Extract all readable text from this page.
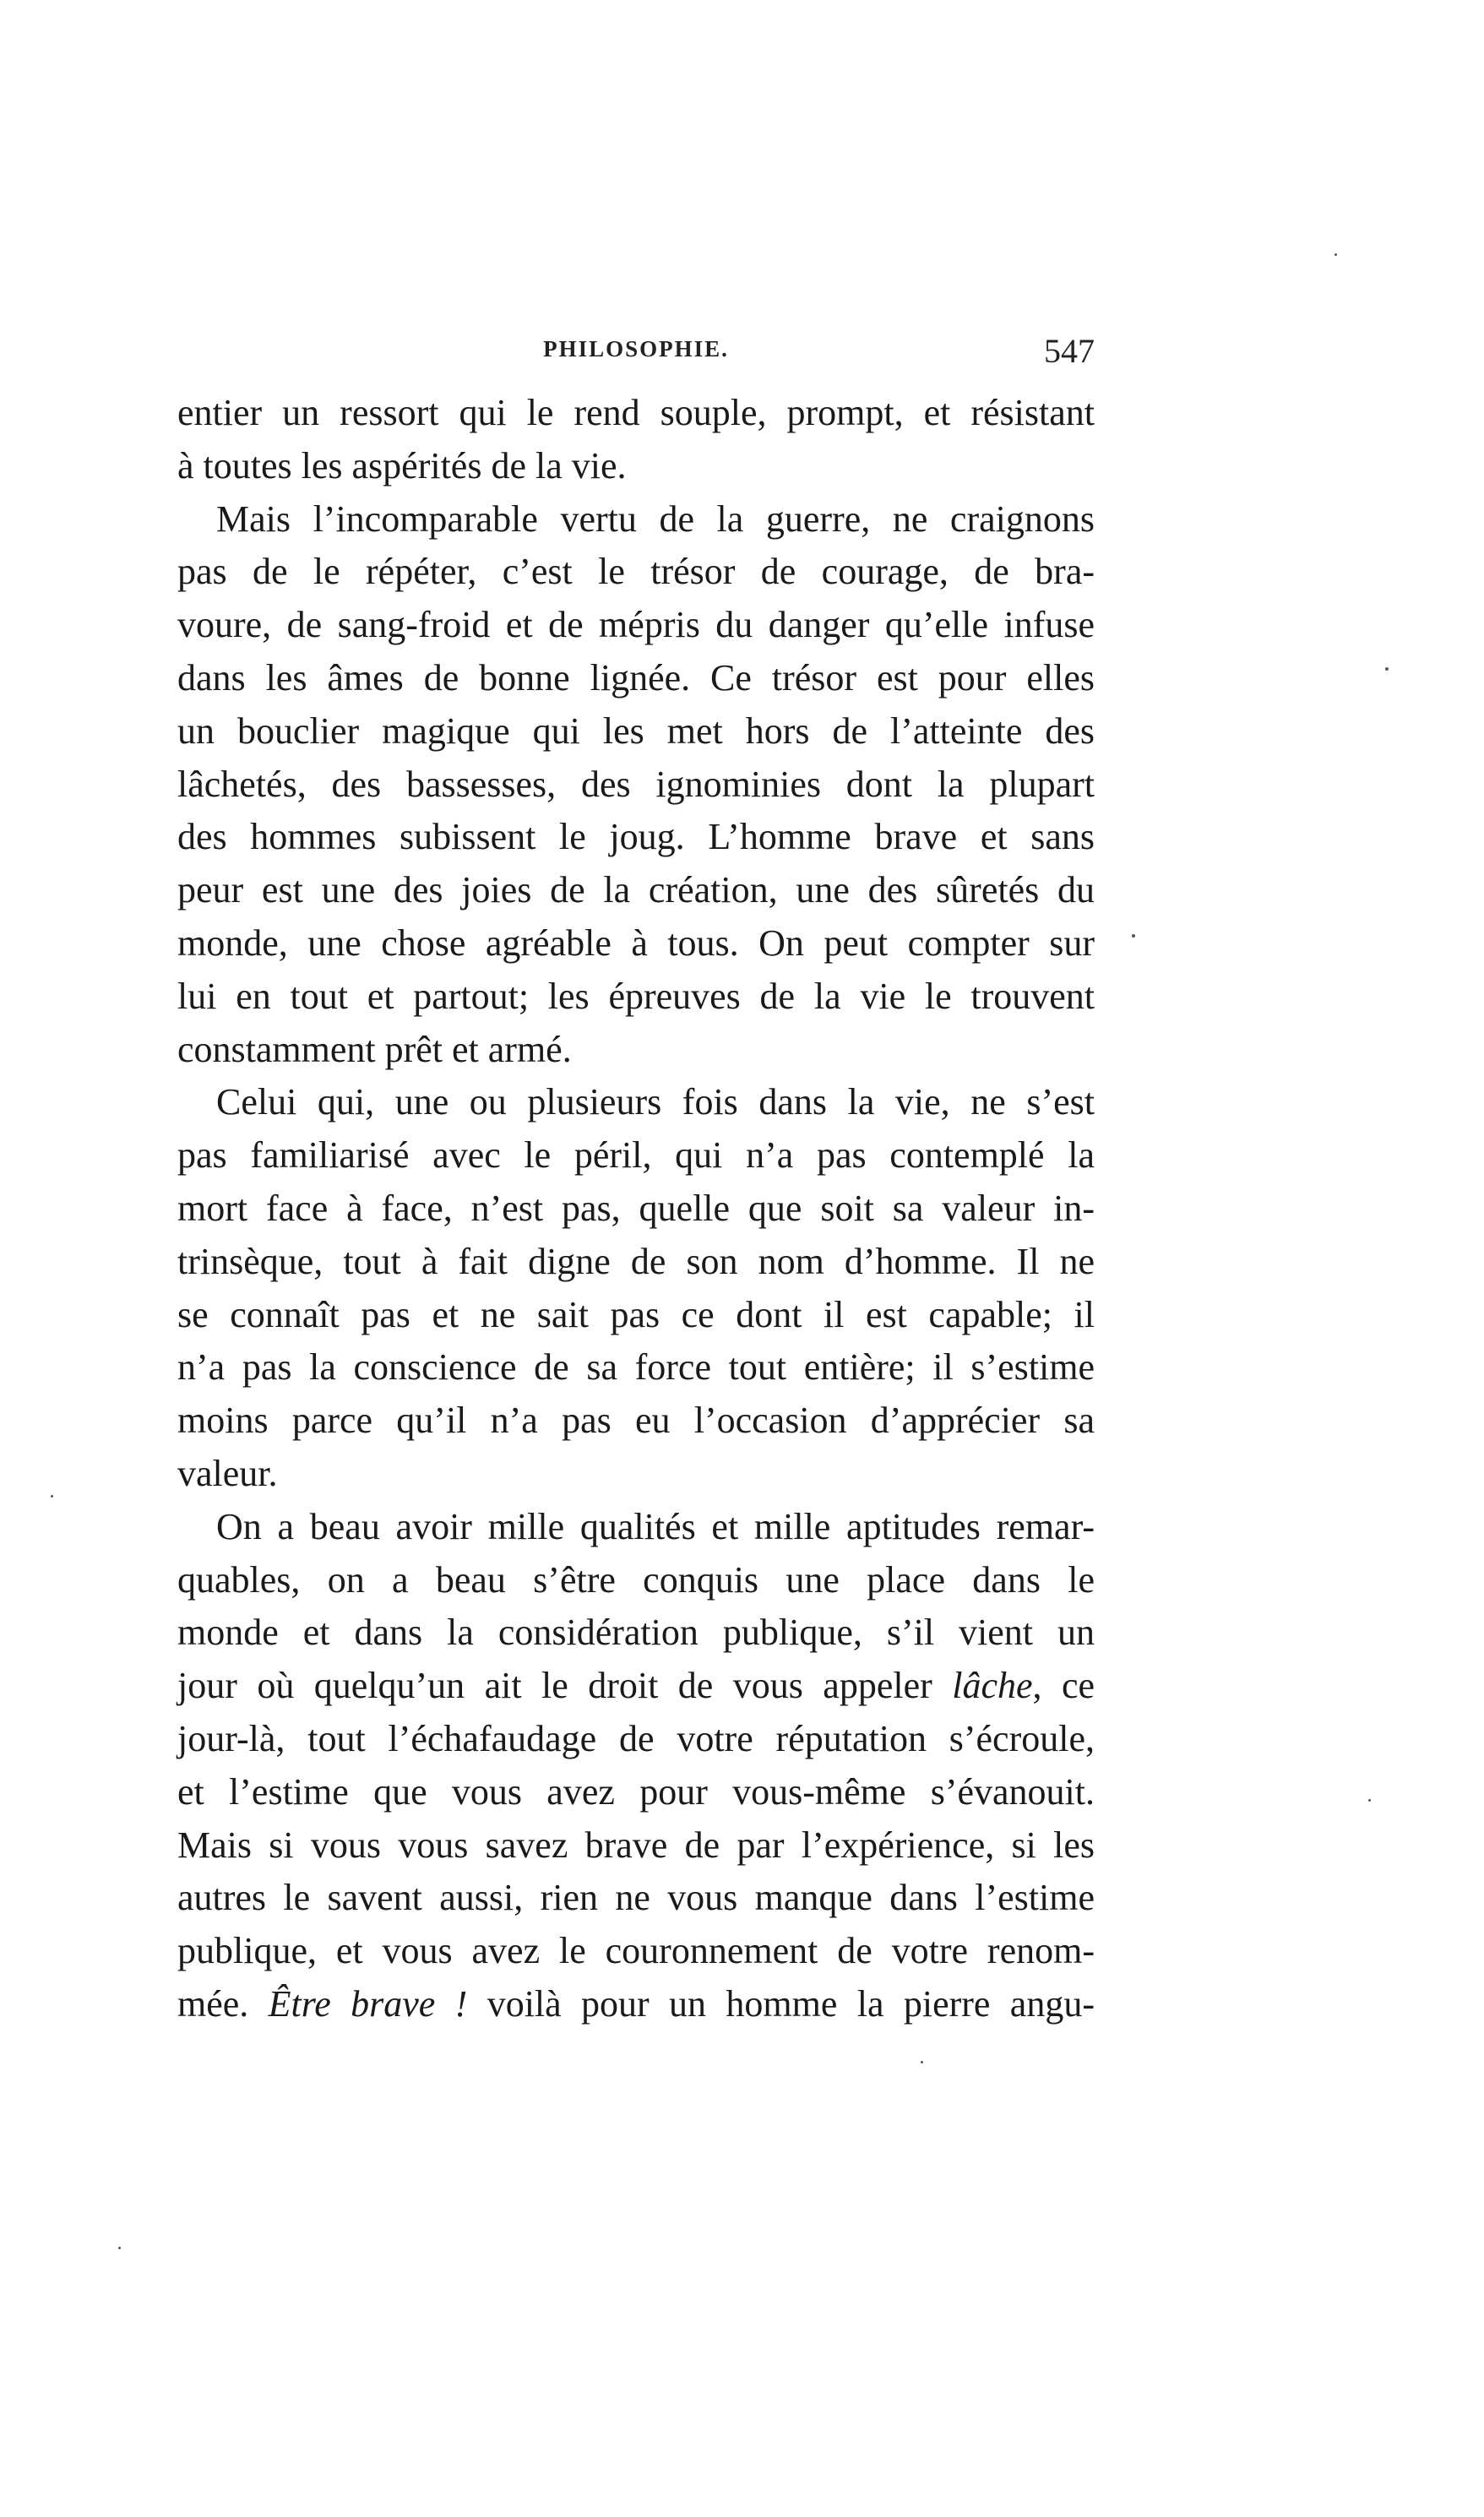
PHILOSOPHIE.	547
entier un ressort qui le rend souple, prompt, et résistant
à toutes les aspérités de la vie.
Mais l’incomparable vertu de la guerre, ne craignons
pas de le répéter, c’est le trésor de courage, de bra-
voure, de sang-froid et de mépris du danger qu’elle infuse
dans les âmes de bonne lignée. Ce trésor est pour elles
un bouclier magique qui les met hors de l’atteinte des
lâchetés, des bassesses, des ignominies dont la plupart
des hommes subissent le joug. L’homme brave et sans
peur est une des joies de la création, une des sûretés du
monde, une chose agréable à tous. On peut compter sur
lui en tout et partout; les épreuves de la vie le trouvent
constamment prêt et armé.
Celui qui, une ou plusieurs fois dans la vie, ne s’est
pas familiarisé avec le péril, qui n’a pas contemplé la
mort face à face, n’est pas, quelle que soit sa valeur in-
trinsèque, tout à fait digne de son nom d’homme. Il ne
se connaît pas et ne sait pas ce dont il est capable; il
n’a pas la conscience de sa force tout entière; il s’estime
moins parce qu’il n’a pas eu l’occasion d’apprécier sa
valeur.
On a beau avoir mille qualités et mille aptitudes remar-
quables, on a beau s’être conquis une place dans le
monde et dans la considération publique, s’il vient un
jour où quelqu’un ait le droit de vous appeler lâche, ce
jour-là, tout l’échafaudage de votre réputation s’écroule,
et l’estime que vous avez pour vous-même s’évanouit.
Mais si vous vous savez brave de par l’expérience, si les
autres le savent aussi, rien ne vous manque dans l’estime
publique, et vous avez le couronnement de votre renom-
mée. Être brave ! voilà pour un homme la pierre angu-
